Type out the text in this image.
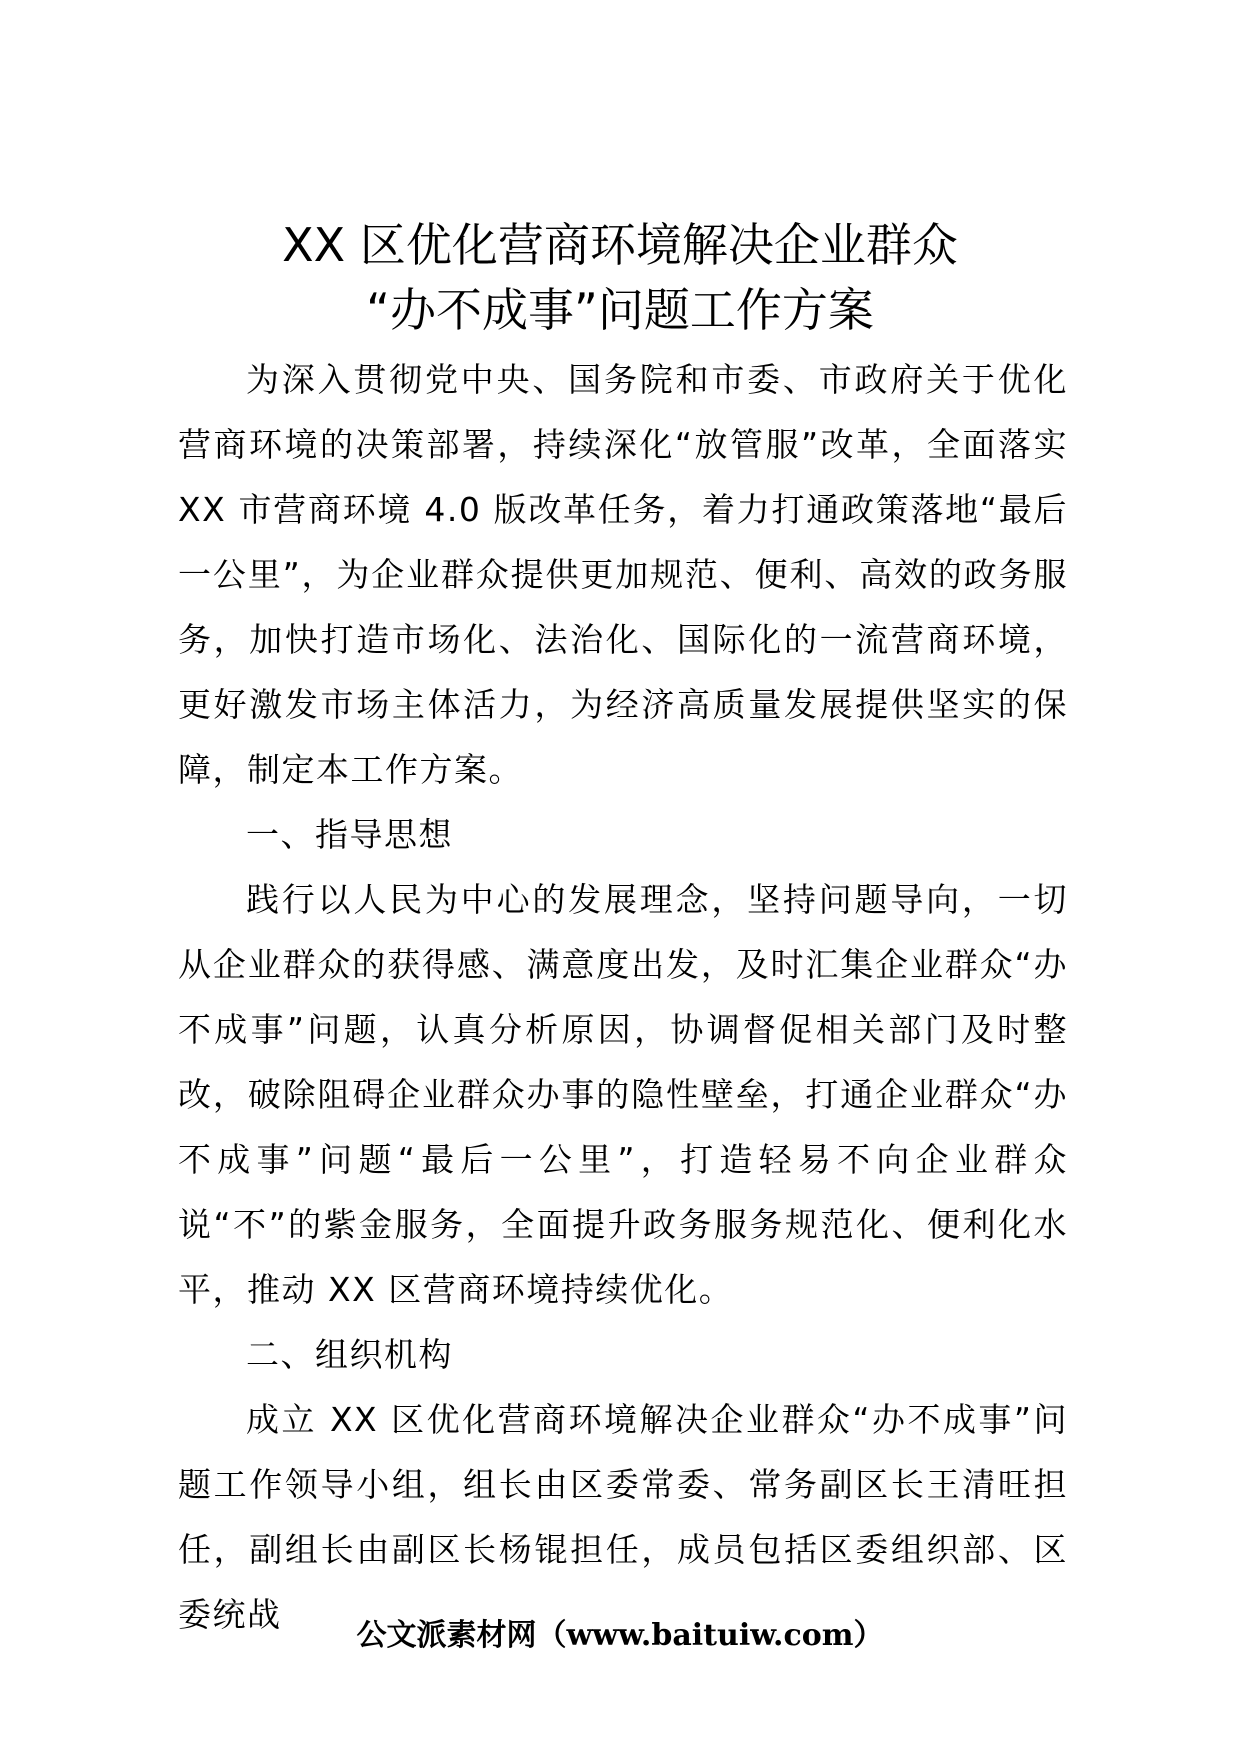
XX 区优化营商环境解决企业群众
“办不成事”问题工作方案

为深入贯彻党中央、国务院和市委、市政府关于优化营商环境的决策部署，持续深化“放管服”改革，全面落实 XX 市营商环境 4.0 版改革任务，着力打通政策落地“最后一公里”，为企业群众提供更加规范、便利、高效的政务服务，加快打造市场化、法治化、国际化的一流营商环境，更好激发市场主体活力，为经济高质量发展提供坚实的保障，制定本工作方案。

一、指导思想

践行以人民为中心的发展理念，坚持问题导向，一切从企业群众的获得感、满意度出发，及时汇集企业群众“办不成事”问题，认真分析原因，协调督促相关部门及时整改，破除阻碍企业群众办事的隐性壁垒，打通企业群众“办不成事”问题“最后一公里”，打造轻易不向企业群众说“不”的紫金服务，全面提升政务服务规范化、便利化水平，推动 XX 区营商环境持续优化。

二、组织机构

成立 XX 区优化营商环境解决企业群众“办不成事”问题工作领导小组，组长由区委常委、常务副区长王清旺担任，副组长由副区长杨锟担任，成员包括区委组织部、区委统战

公文派素材网（www.baituiw.com）
